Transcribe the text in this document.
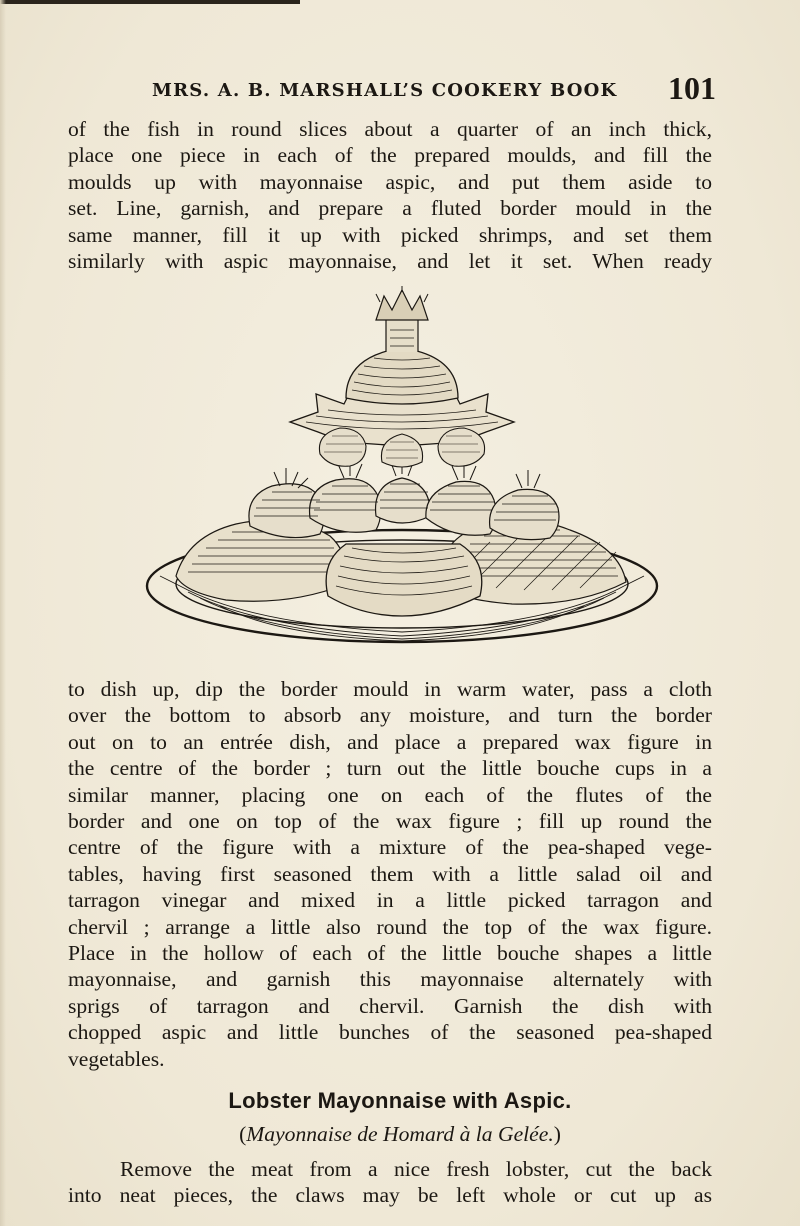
MRS. A. B. MARSHALL’S COOKERY BOOK 101
of the fish in round slices about a quarter of an inch thick,
place one piece in each of the prepared moulds, and fill the
moulds up with mayonnaise aspic, and put them aside to
set. Line, garnish, and prepare a fluted border mould in the
same manner, fill it up with picked shrimps, and set them
similarly with aspic mayonnaise, and let it set. When ready
to dish up, dip the border mould in warm water, pass a cloth
over the bottom to absorb any moisture, and turn the border
out on to an entrée dish, and place a prepared wax figure in
the centre of the border ; turn out the little bouche cups in a
similar manner, placing one on each of the flutes of the
border and one on top of the wax figure ; fill up round the
centre of the figure with a mixture of the pea-shaped vege-
tables, having first seasoned them with a little salad oil and
tarragon vinegar and mixed in a little picked tarragon and
chervil ; arrange a little also round the top of the wax figure.
Place in the hollow of each of the little bouche shapes a little
mayonnaise, and garnish this mayonnaise alternately with
sprigs of tarragon and chervil. Garnish the dish with
chopped aspic and little bunches of the seasoned pea-shaped
vegetables.
Lobster Mayonnaise with Aspic.
(Mayonnaise de Homard à la Gelée.)
Remove the meat from a nice fresh lobster, cut the back
into neat pieces, the claws may be left whole or cut up as
